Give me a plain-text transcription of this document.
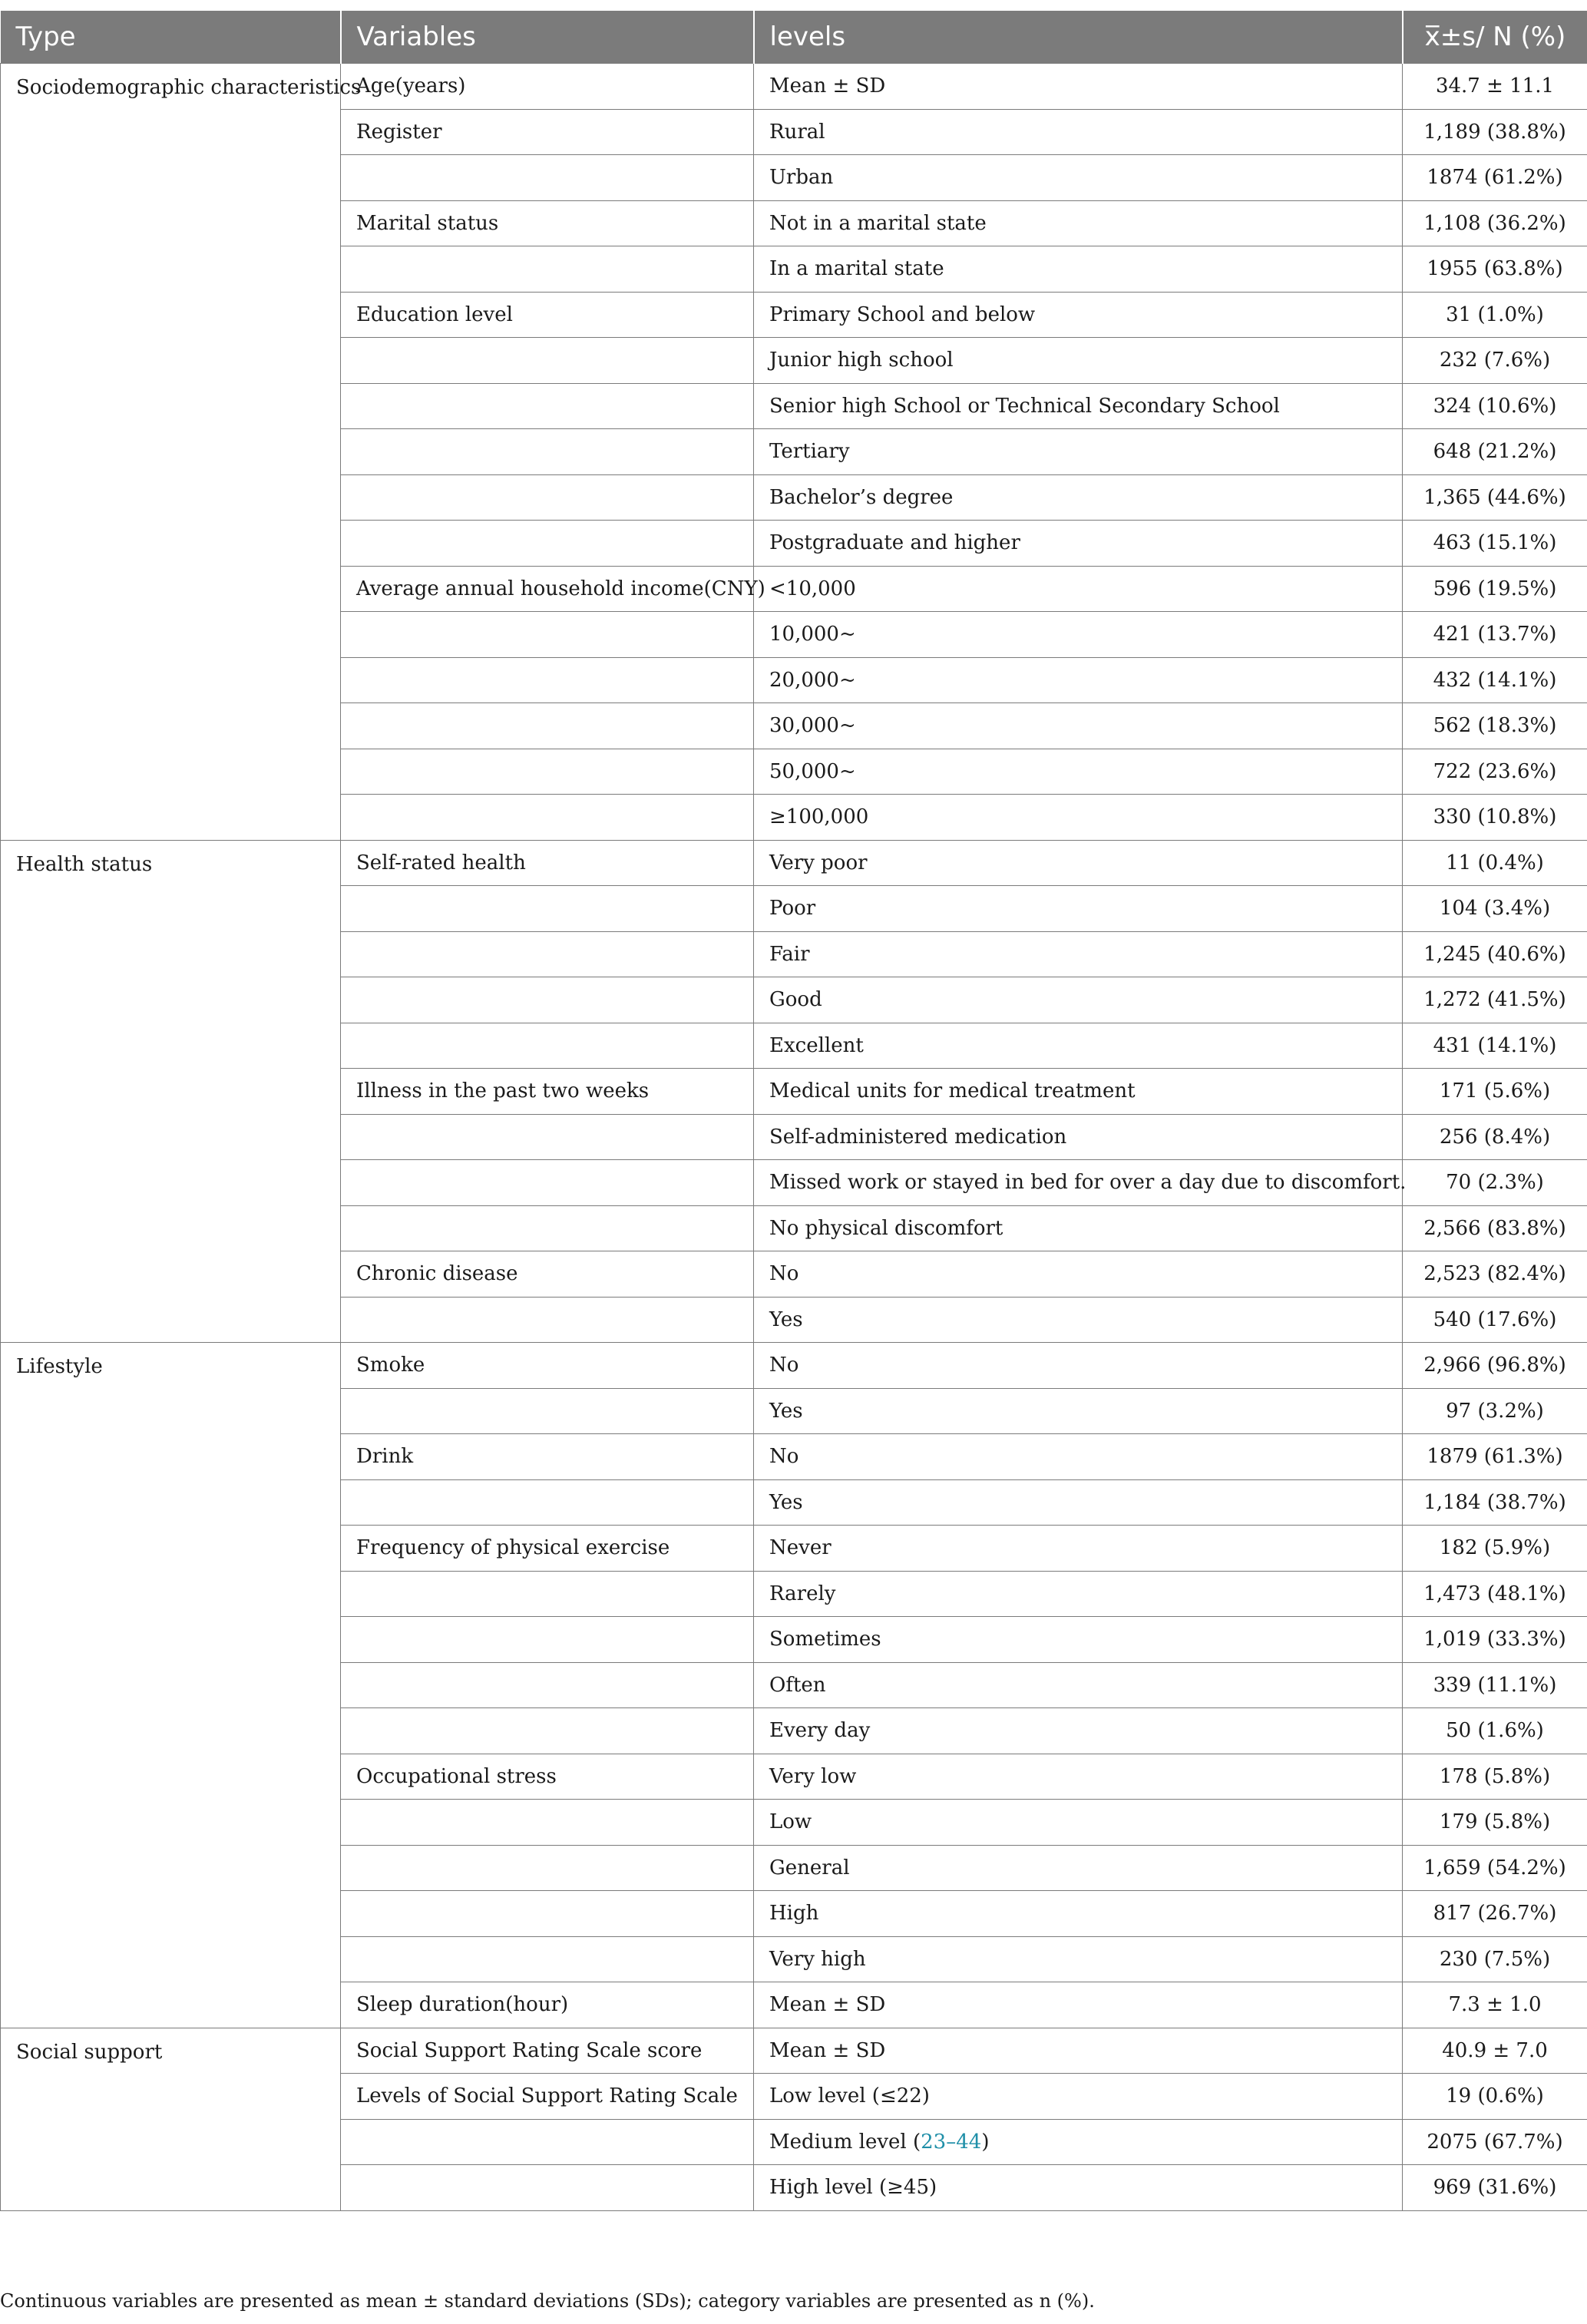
Type	Variables	levels	x̅±s/ N (%)
Sociodemographic characteristics	Age(years)	Mean ± SD	34.7 ± 11.1
	Register	Rural	1,189 (38.8%)
		Urban	1874 (61.2%)
	Marital status	Not in a marital state	1,108 (36.2%)
		In a marital state	1955 (63.8%)
	Education level	Primary School and below	31 (1.0%)
		Junior high school	232 (7.6%)
		Senior high School or Technical Secondary School	324 (10.6%)
		Tertiary	648 (21.2%)
		Bachelor’s degree	1,365 (44.6%)
		Postgraduate and higher	463 (15.1%)
	Average annual household income(CNY)	<10,000	596 (19.5%)
		10,000~	421 (13.7%)
		20,000~	432 (14.1%)
		30,000~	562 (18.3%)
		50,000~	722 (23.6%)
		≥100,000	330 (10.8%)
Health status	Self-rated health	Very poor	11 (0.4%)
		Poor	104 (3.4%)
		Fair	1,245 (40.6%)
		Good	1,272 (41.5%)
		Excellent	431 (14.1%)
	Illness in the past two weeks	Medical units for medical treatment	171 (5.6%)
		Self-administered medication	256 (8.4%)
		Missed work or stayed in bed for over a day due to discomfort.	70 (2.3%)
		No physical discomfort	2,566 (83.8%)
	Chronic disease	No	2,523 (82.4%)
		Yes	540 (17.6%)
Lifestyle	Smoke	No	2,966 (96.8%)
		Yes	97 (3.2%)
	Drink	No	1879 (61.3%)
		Yes	1,184 (38.7%)
	Frequency of physical exercise	Never	182 (5.9%)
		Rarely	1,473 (48.1%)
		Sometimes	1,019 (33.3%)
		Often	339 (11.1%)
		Every day	50 (1.6%)
	Occupational stress	Very low	178 (5.8%)
		Low	179 (5.8%)
		General	1,659 (54.2%)
		High	817 (26.7%)
		Very high	230 (7.5%)
	Sleep duration(hour)	Mean ± SD	7.3 ± 1.0
Social support	Social Support Rating Scale score	Mean ± SD	40.9 ± 7.0
	Levels of Social Support Rating Scale	Low level (≤22)	19 (0.6%)
		Medium level (23–44)	2075 (67.7%)
		High level (≥45)	969 (31.6%)
Continuous variables are presented as mean ± standard deviations (SDs); category variables are presented as n (%).
